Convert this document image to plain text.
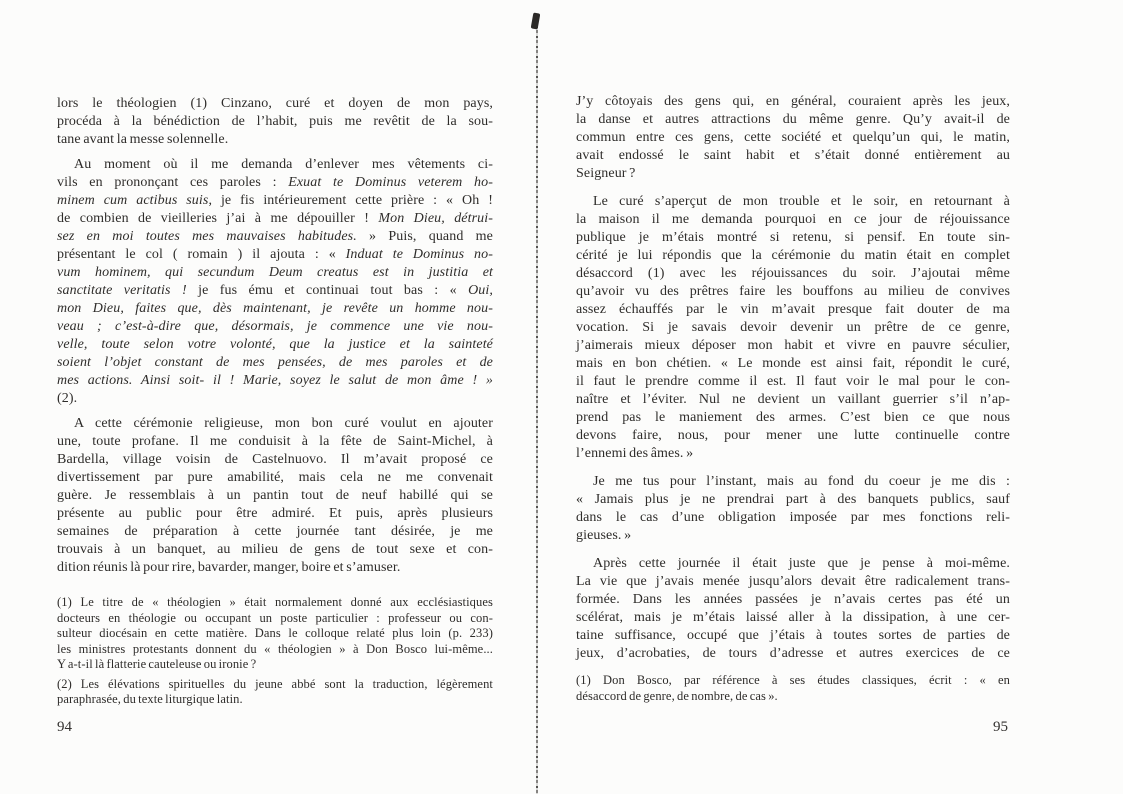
lors le théologien (1) Cinzano, curé et doyen de mon pays,
procéda à la bénédiction de l’habit, puis me revêtit de la sou-
tane avant la messe solennelle.
Au moment où il me demanda d’enlever mes vêtements ci-
vils en prononçant ces paroles : Exuat te Dominus veterem ho-
minem cum actibus suis, je fis intérieurement cette prière : « Oh !
de combien de vieilleries j’ai à me dépouiller ! Mon Dieu, détrui-
sez en moi toutes mes mauvaises habitudes. » Puis, quand me
présentant le col ( romain ) il ajouta : « Induat te Dominus no-
vum hominem, qui secundum Deum creatus est in justitia et
sanctitate veritatis ! je fus ému et continuai tout bas : « Oui,
mon Dieu, faites que, dès maintenant, je revête un homme nou-
veau ; c’est-à-dire que, désormais, je commence une vie nou-
velle, toute selon votre volonté, que la justice et la sainteté
soient l’objet constant de mes pensées, de mes paroles et de
mes actions. Ainsi soit- il ! Marie, soyez le salut de mon âme ! »
(2).
A cette cérémonie religieuse, mon bon curé voulut en ajouter
une, toute profane. Il me conduisit à la fête de Saint-Michel, à
Bardella, village voisin de Castelnuovo. Il m’avait proposé ce
divertissement par pure amabilité, mais cela ne me convenait
guère. Je ressemblais à un pantin tout de neuf habillé qui se
présente au public pour être admiré. Et puis, après plusieurs
semaines de préparation à cette journée tant désirée, je me
trouvais à un banquet, au milieu de gens de tout sexe et con-
dition réunis là pour rire, bavarder, manger, boire et s’amuser.
(1) Le titre de « théologien » était normalement donné aux ecclésiastiques
docteurs en théologie ou occupant un poste particulier : professeur ou con-
sulteur diocésain en cette matière. Dans le colloque relaté plus loin (p. 233)
les ministres protestants donnent du « théologien » à Don Bosco lui-même...
Y a-t-il là flatterie cauteleuse ou ironie ?
(2) Les élévations spirituelles du jeune abbé sont la traduction, légèrement
paraphrasée, du texte liturgique latin.
94
J’y côtoyais des gens qui, en général, couraient après les jeux,
la danse et autres attractions du même genre. Qu’y avait-il de
commun entre ces gens, cette société et quelqu’un qui, le matin,
avait endossé le saint habit et s’était donné entièrement au
Seigneur ?
Le curé s’aperçut de mon trouble et le soir, en retournant à
la maison il me demanda pourquoi en ce jour de réjouissance
publique je m’étais montré si retenu, si pensif. En toute sin-
cérité je lui répondis que la cérémonie du matin était en complet
désaccord (1) avec les réjouissances du soir. J’ajoutai même
qu’avoir vu des prêtres faire les bouffons au milieu de convives
assez échauffés par le vin m’avait presque fait douter de ma
vocation. Si je savais devoir devenir un prêtre de ce genre,
j’aimerais mieux déposer mon habit et vivre en pauvre séculier,
mais en bon chétien. « Le monde est ainsi fait, répondit le curé,
il faut le prendre comme il est. Il faut voir le mal pour le con-
naître et l’éviter. Nul ne devient un vaillant guerrier s’il n’ap-
prend pas le maniement des armes. C’est bien ce que nous
devons faire, nous, pour mener une lutte continuelle contre
l’ennemi des âmes. »
Je me tus pour l’instant, mais au fond du coeur je me dis :
« Jamais plus je ne prendrai part à des banquets publics, sauf
dans le cas d’une obligation imposée par mes fonctions reli-
gieuses. »
Après cette journée il était juste que je pense à moi-même.
La vie que j’avais menée jusqu’alors devait être radicalement trans-
formée. Dans les années passées je n’avais certes pas été un
scélérat, mais je m’étais laissé aller à la dissipation, à une cer-
taine suffisance, occupé que j’étais à toutes sortes de parties de
jeux, d’acrobaties, de tours d’adresse et autres exercices de ce
(1) Don Bosco, par référence à ses études classiques, écrit : « en
désaccord de genre, de nombre, de cas ».
95
